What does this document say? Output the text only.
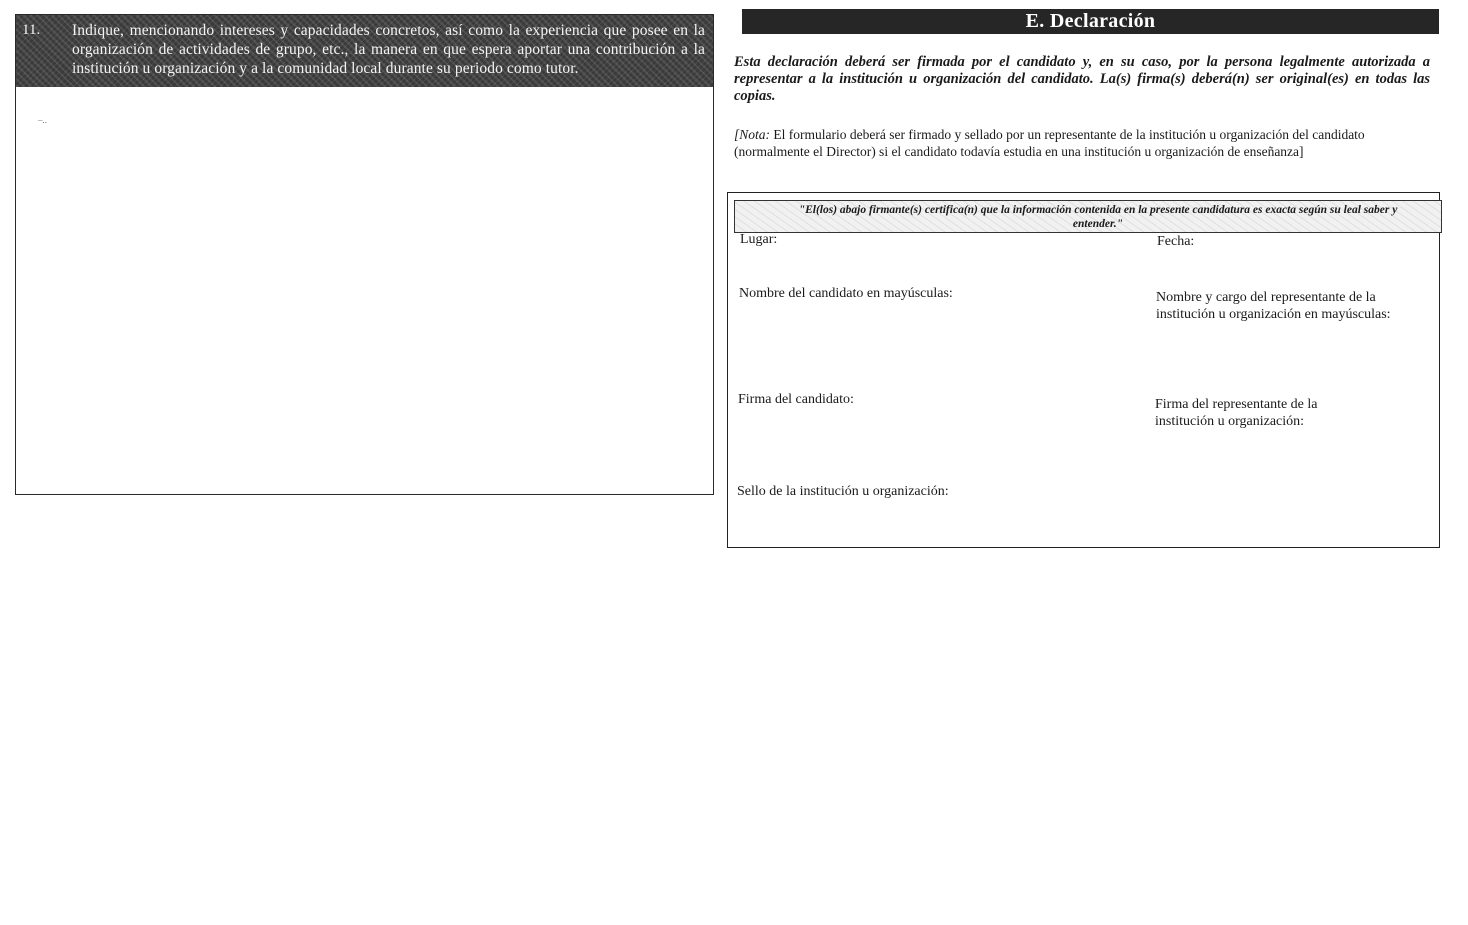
11. Indique, mencionando intereses y capacidades concretos, así como la experiencia que posee en la organización de actividades de grupo, etc., la manera en que espera aportar una contribución a la institución u organización y a la comunidad local durante su periodo como tutor.
–..
E. Declaración
Esta declaración deberá ser firmada por el candidato y, en su caso, por la persona legalmente autorizada a representar a la institución u organización del candidato. La(s) firma(s) deberá(n) ser original(es) en todas las copias.
[Nota: El formulario deberá ser firmado y sellado por un representante de la institución u organización del candidato (normalmente el Director) si el candidato todavía estudia en una institución u organización de enseñanza]
"El(los) abajo firmante(s) certifica(n) que la información contenida en la presente candidatura es exacta según su leal saber y entender."
Lugar:	Fecha:
Nombre del candidato en mayúsculas:	Nombre y cargo del representante de la institución u organización en mayúsculas:
Firma del candidato:	Firma del representante de la institución u organización:
Sello de la institución u organización:
